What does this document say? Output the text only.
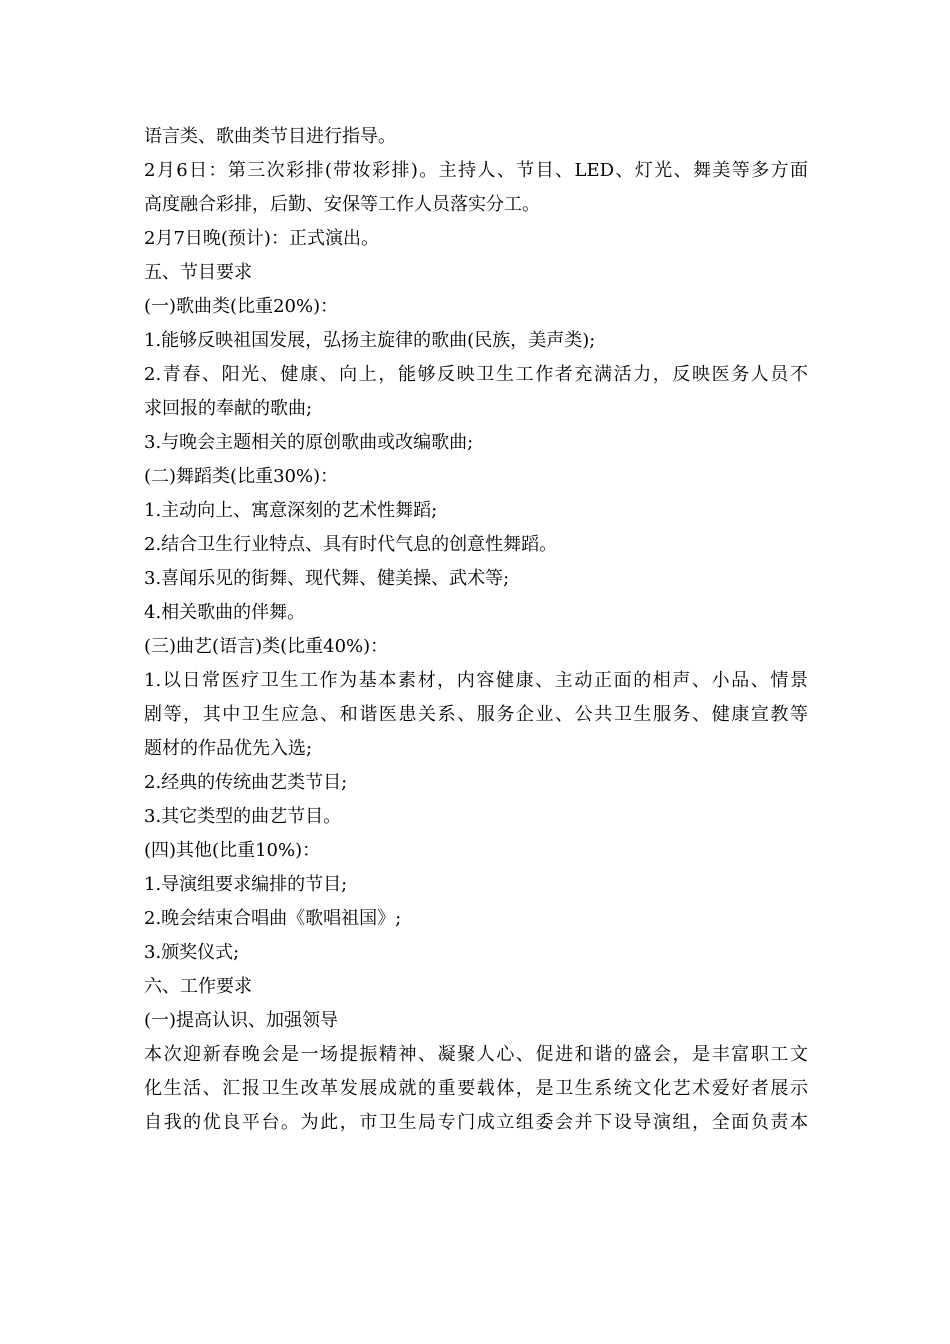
语言类、歌曲类节目进行指导。
2月6日：第三次彩排(带妆彩排)。主持人、节目、LED、灯光、舞美等多方面
高度融合彩排，后勤、安保等工作人员落实分工。
2月7日晚(预计)：正式演出。
五、节目要求
(一)歌曲类(比重20%)：
1.能够反映祖国发展，弘扬主旋律的歌曲(民族，美声类);
2.青春、阳光、健康、向上，能够反映卫生工作者充满活力，反映医务人员不
求回报的奉献的歌曲;
3.与晚会主题相关的原创歌曲或改编歌曲;
(二)舞蹈类(比重30%)：
1.主动向上、寓意深刻的艺术性舞蹈;
2.结合卫生行业特点、具有时代气息的创意性舞蹈。
3.喜闻乐见的街舞、现代舞、健美操、武术等;
4.相关歌曲的伴舞。
(三)曲艺(语言)类(比重40%)：
1.以日常医疗卫生工作为基本素材，内容健康、主动正面的相声、小品、情景
剧等，其中卫生应急、和谐医患关系、服务企业、公共卫生服务、健康宣教等
题材的作品优先入选;
2.经典的传统曲艺类节目;
3.其它类型的曲艺节目。
(四)其他(比重10%)：
1.导演组要求编排的节目;
2.晚会结束合唱曲《歌唱祖国》;
3.颁奖仪式;
六、工作要求
(一)提高认识、加强领导
本次迎新春晚会是一场提振精神、凝聚人心、促进和谐的盛会，是丰富职工文
化生活、汇报卫生改革发展成就的重要载体，是卫生系统文化艺术爱好者展示
自我的优良平台。为此，市卫生局专门成立组委会并下设导演组，全面负责本
